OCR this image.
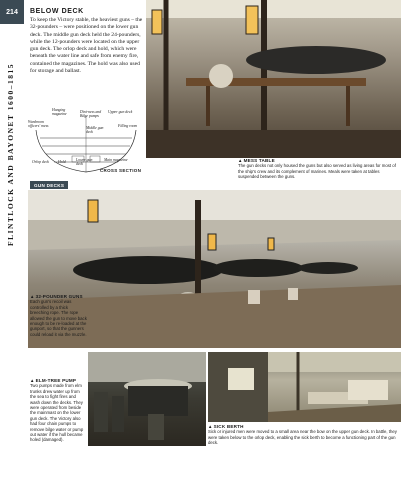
214
FLINTLOCK AND BAYONET 1600–1815
BELOW DECK

To keep the Victory stable, the heaviest guns – the 32-pounders – were positioned on the lower gun deck. The middle gun deck held the 24-pounders, while the 12-pounders were located on the upper gun deck. The orlop deck and hold, which were beneath the water line and safe from enemy fire, contained the magazines. The hold was also used for storage and ballast.

Wardroom officers' mess
Hanging magazine
Dini-ness and Bilge pumps
Upper gun deck
Middle gun deck
Filling room
Orlop deck	Hold	Lower gun deck
Main magazine
CROSS SECTION
▲ MESS TABLE
The gun decks not only housed the guns but also served as living areas for most of the ship's crew and its complement of marines. Meals were taken at tables suspended between the guns.
GUN DECKS
▲ 32-POUNDER GUNS
Each gun's recoil was controlled by a thick breeching rope. The rope allowed the gun to move back enough to be re-loaded at the gunport, so that the gunners could reload it via the muzzle.
▲ ELM-TREE PUMP
Two pumps made from elm trunks drew water up from the sea to fight fires and wash down the decks. They were operated from beside the mainmast on the lower gun deck. The Victory also had four chain pumps to remove bilge water or pump out water if the hull became holed (damaged).
▲ SICK BERTH
Sick or injured men were moved to a small area near the bow on the upper gun deck. In battle, they were taken below to the orlop deck, enabling the sick berth to become a functioning part of the gun deck.
